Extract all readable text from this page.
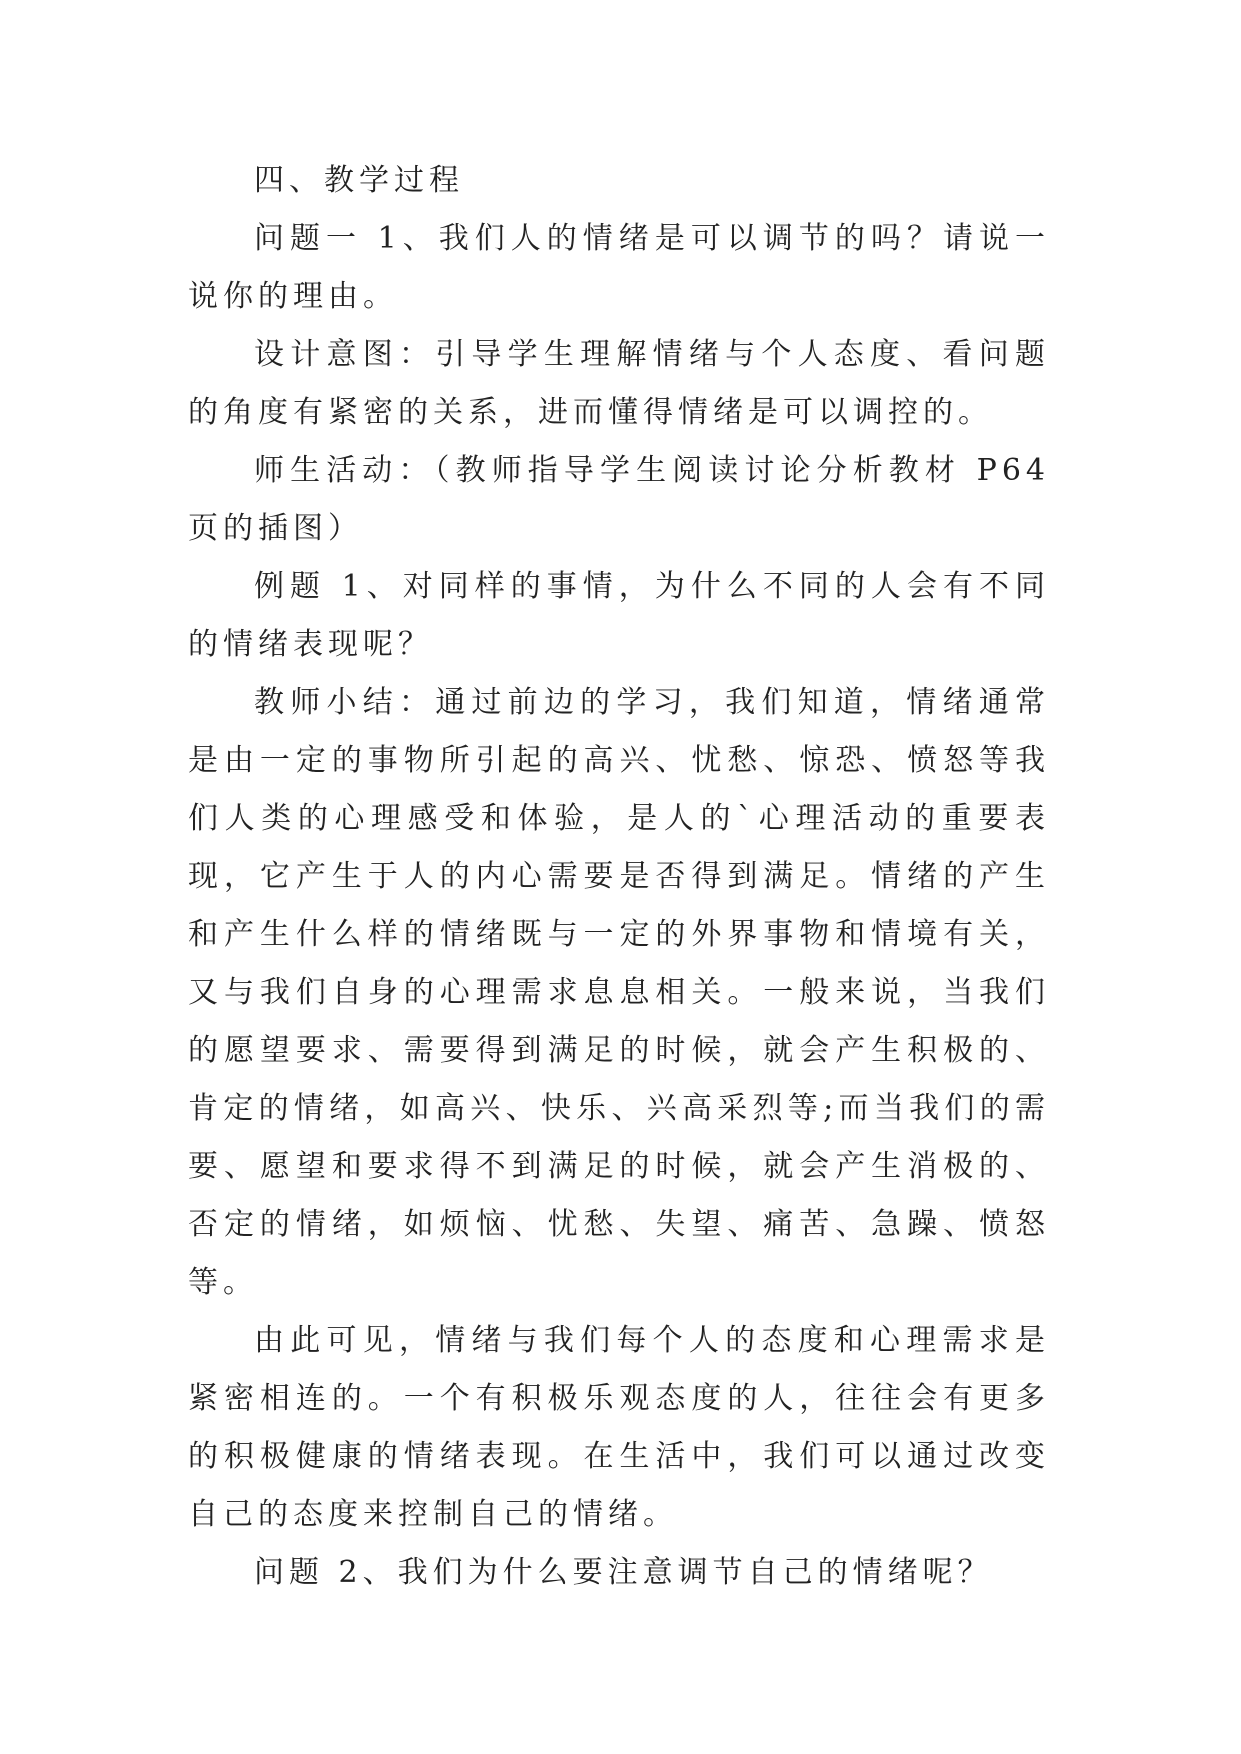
四、教学过程

问题一 1、我们人的情绪是可以调节的吗？请说一说你的理由。

设计意图：引导学生理解情绪与个人态度、看问题的角度有紧密的关系，进而懂得情绪是可以调控的。

师生活动：（教师指导学生阅读讨论分析教材 P64 页的插图）

例题 1、对同样的事情，为什么不同的人会有不同的情绪表现呢？

教师小结：通过前边的学习，我们知道，情绪通常是由一定的事物所引起的高兴、忧愁、惊恐、愤怒等我们人类的心理感受和体验，是人的`心理活动的重要表现，它产生于人的内心需要是否得到满足。情绪的产生和产生什么样的情绪既与一定的外界事物和情境有关，又与我们自身的心理需求息息相关。一般来说，当我们的愿望要求、需要得到满足的时候，就会产生积极的、肯定的情绪，如高兴、快乐、兴高采烈等;而当我们的需要、愿望和要求得不到满足的时候，就会产生消极的、否定的情绪，如烦恼、忧愁、失望、痛苦、急躁、愤怒等。

由此可见，情绪与我们每个人的态度和心理需求是紧密相连的。一个有积极乐观态度的人，往往会有更多的积极健康的情绪表现。在生活中，我们可以通过改变自己的态度来控制自己的情绪。

问题 2、我们为什么要注意调节自己的情绪呢？
